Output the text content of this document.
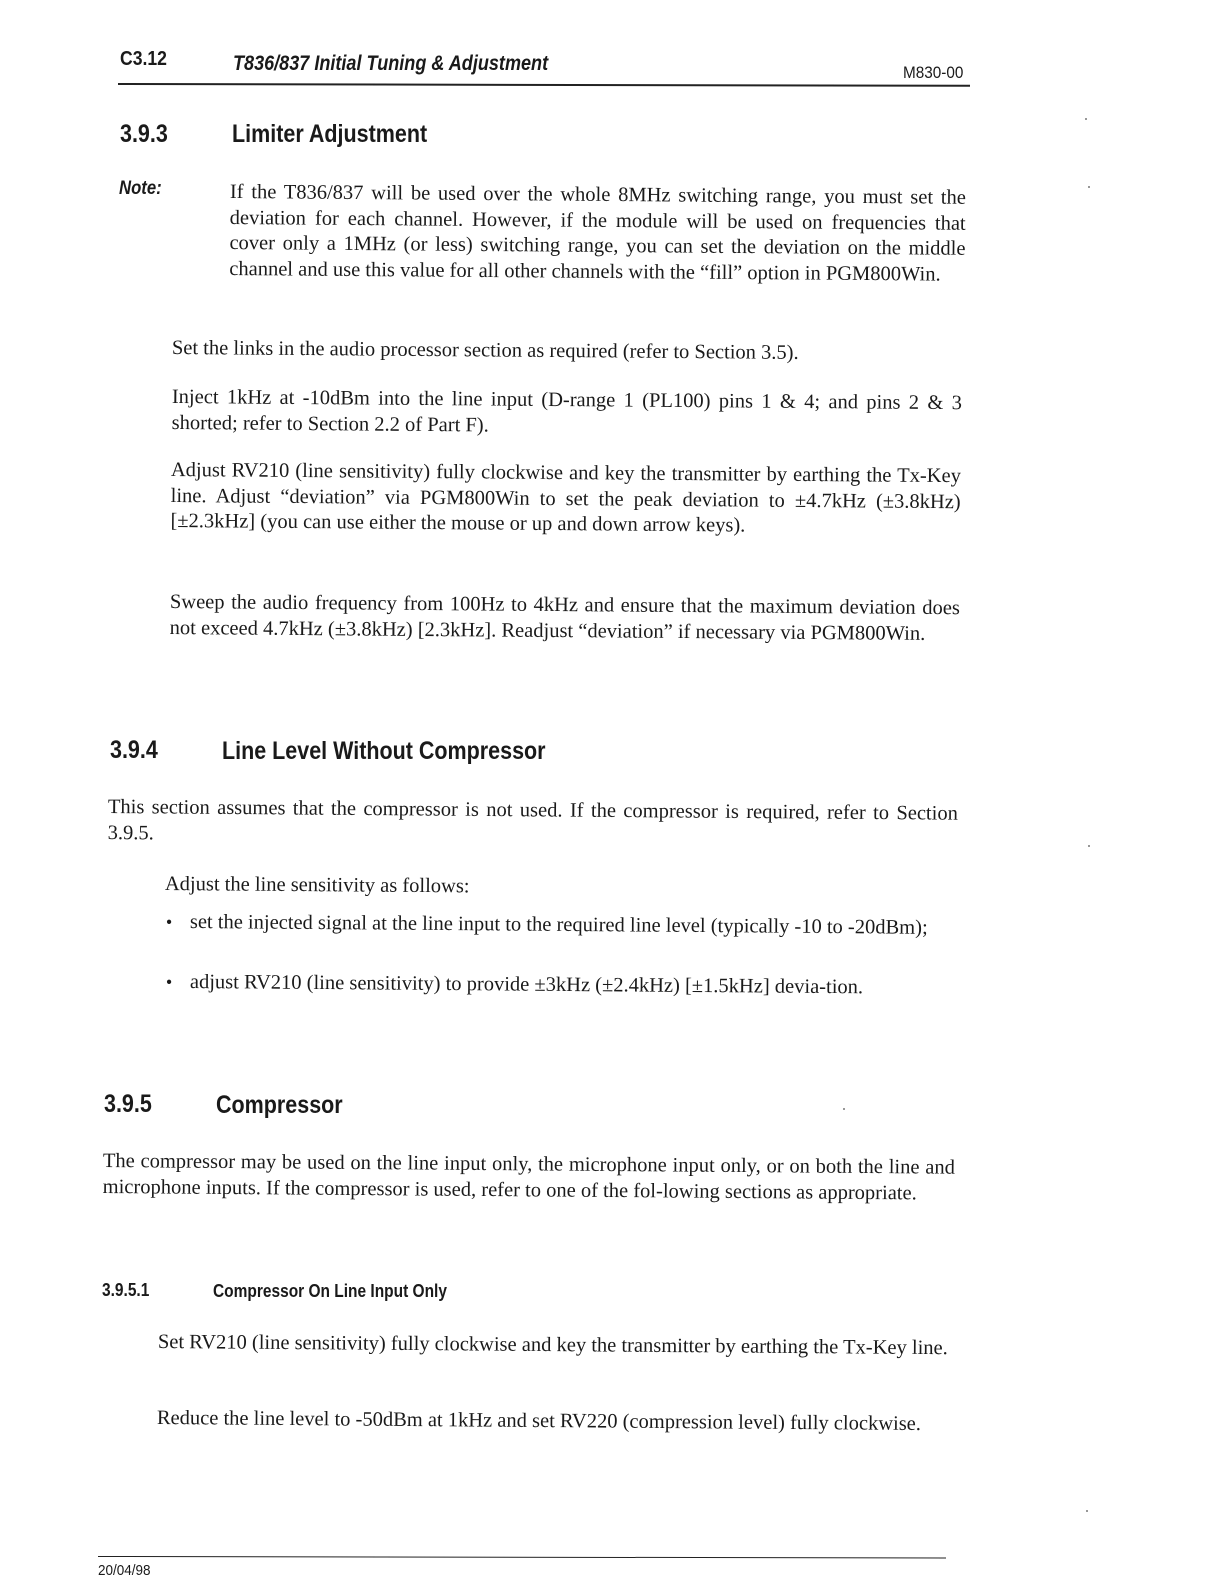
C3.12	T836/837 Initial Tuning & Adjustment	M830-00
3.9.3	Limiter Adjustment
Note:	If the T836/837 will be used over the whole 8MHz switching range, you must set the deviation for each channel. However, if the module will be used on frequencies that cover only a 1MHz (or less) switching range, you can set the deviation on the middle channel and use this value for all other channels with the “fill” option in PGM800Win.
Set the links in the audio processor section as required (refer to Section 3.5).
Inject 1kHz at -10dBm into the line input (D-range 1 (PL100) pins 1 & 4; and pins 2 & 3 shorted; refer to Section 2.2 of Part F).
Adjust RV210 (line sensitivity) fully clockwise and key the transmitter by earthing the Tx-Key line. Adjust “deviation” via PGM800Win to set the peak deviation to ±4.7kHz (±3.8kHz) [±2.3kHz] (you can use either the mouse or up and down arrow keys).
Sweep the audio frequency from 100Hz to 4kHz and ensure that the maximum deviation does not exceed 4.7kHz (±3.8kHz) [2.3kHz]. Readjust “deviation” if necessary via PGM800Win.
3.9.4	Line Level Without Compressor
This section assumes that the compressor is not used. If the compressor is required, refer to Section 3.9.5.
Adjust the line sensitivity as follows:
• set the injected signal at the line input to the required line level (typically -10 to -20dBm);
• adjust RV210 (line sensitivity) to provide ±3kHz (±2.4kHz) [±1.5kHz] devia-tion.
3.9.5	Compressor
The compressor may be used on the line input only, the microphone input only, or on both the line and microphone inputs. If the compressor is used, refer to one of the fol-lowing sections as appropriate.
3.9.5.1	Compressor On Line Input Only
Set RV210 (line sensitivity) fully clockwise and key the transmitter by earthing the Tx-Key line.
Reduce the line level to -50dBm at 1kHz and set RV220 (compression level) fully clockwise.
20/04/98
